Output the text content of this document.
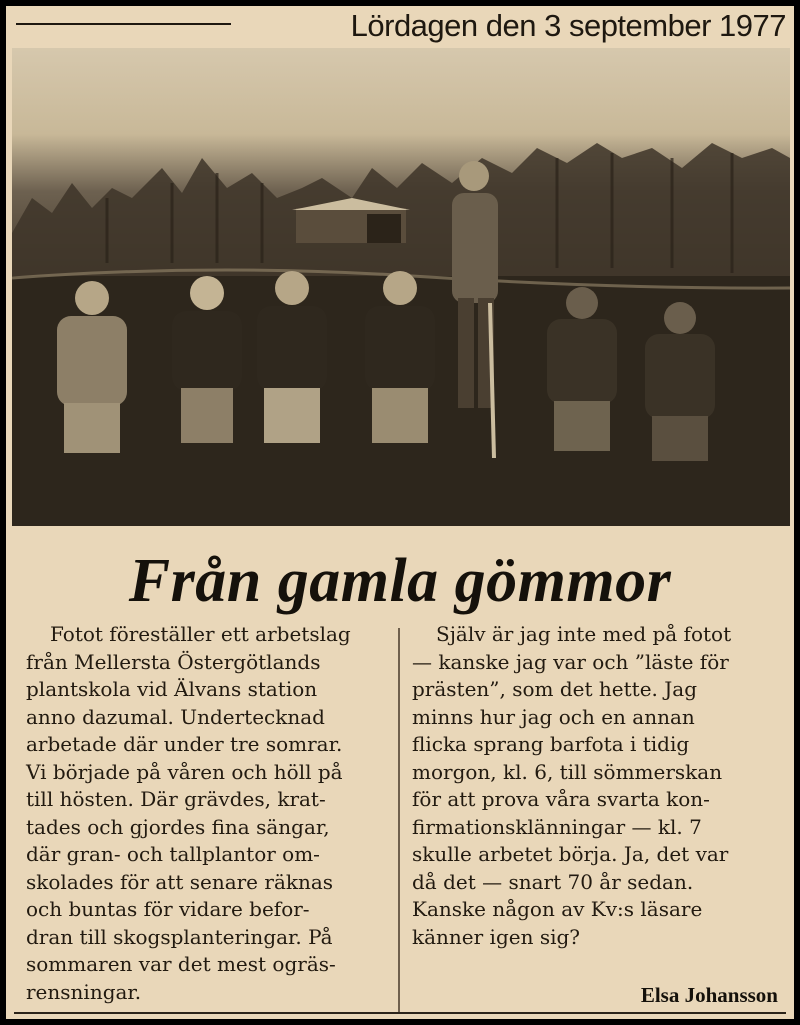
Lördagen den 3 september 1977
Från gamla gömmor
Fotot föreställer ett arbetslag
från Mellersta Östergötlands
plantskola vid Älvans station
anno dazumal. Undertecknad
arbetade där under tre somrar.
Vi började på våren och höll på
till hösten. Där grävdes, krat-
tades och gjordes fina sängar,
där gran- och tallplantor om-
skolades för att senare räknas
och buntas för vidare befor-
dran till skogsplanteringar. På
sommaren var det mest ogräs-
rensningar.
Själv är jag inte med på fotot
— kanske jag var och ”läste för
prästen”, som det hette. Jag
minns hur jag och en annan
flicka sprang barfota i tidig
morgon, kl. 6, till sömmerskan
för att prova våra svarta kon-
firmationsklänningar — kl. 7
skulle arbetet börja. Ja, det var
då det — snart 70 år sedan.
Kanske någon av Kv:s läsare
känner igen sig?
Elsa Johansson
